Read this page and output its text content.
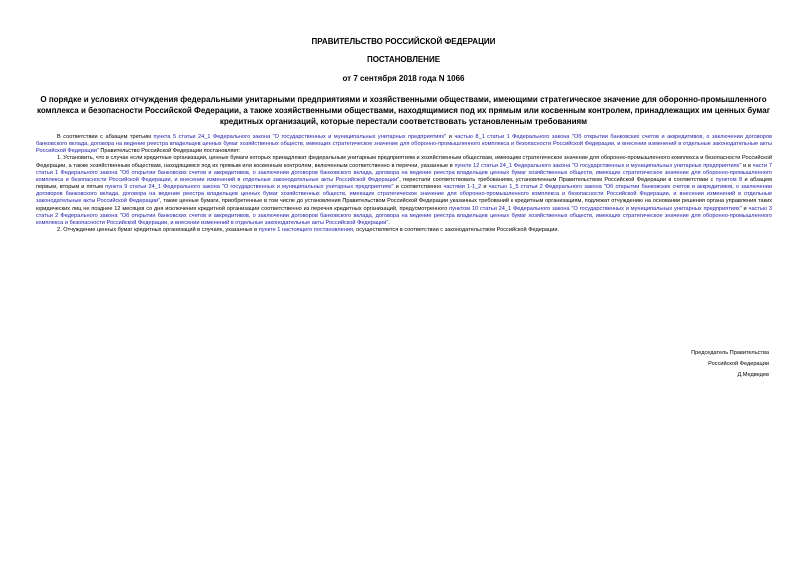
ПРАВИТЕЛЬСТВО РОССИЙСКОЙ ФЕДЕРАЦИИ
ПОСТАНОВЛЕНИЕ
от 7 сентября 2018 года N 1066
О порядке и условиях отчуждения федеральными унитарными предприятиями и хозяйственными обществами, имеющими стратегическое значение для оборонно-промышленного комплекса и безопасности Российской Федерации, а также хозяйственными обществами, находящимися под их прямым или косвенным контролем, принадлежащих им ценных бумаг кредитных организаций, которые перестали соответствовать установленным требованиям

В соответствии с абзацем третьим пункта 5 статьи 24_1 Федерального закона "О государственных и муниципальных унитарных предприятиях" и частью 8_1 статьи 1 Федерального закона "Об открытии банковских счетов и аккредитивов, о заключении договоров банковского вклада, договора на ведение реестра владельцев ценных бумаг хозяйственных обществ, имеющих стратегическое значение для оборонно-промышленного комплекса и безопасности Российской Федерации, и внесении изменений в отдельные законодательные акты Российской Федерации" Правительство Российской Федерации постановляет:

1. Установить, что в случае если кредитные организации, ценные бумаги которых принадлежат федеральным унитарным предприятиям и хозяйственным обществам, имеющим стратегическое значение для оборонно-промышленного комплекса и безопасности Российской Федерации, а также хозяйственным обществам, находящимся под их прямым или косвенным контролем, включенным соответственно в перечни, указанные в пункте 12 статьи 24_1 Федерального закона "О государственных и муниципальных унитарных предприятиях" и в части 7 статьи 1 Федерального закона "Об открытии банковских счетов и аккредитивов, о заключении договоров банковского вклада, договора на ведение реестра владельцев ценных бумаг хозяйственных обществ, имеющих стратегическое значение для оборонно-промышленного комплекса и безопасности Российской Федерации, и внесении изменений в отдельные законодательные акты Российской Федерации", перестали соответствовать требованиям, установленным Правительством Российской Федерации в соответствии с пунктом 8 и абзацем первым, вторым и пятым пункта 9 статьи 24_1 Федерального закона "О государственных и муниципальных унитарных предприятиях" и соответственно частями 1-1_2 и частью 1_5 статьи 2 Федерального закона "Об открытии банковских счетов и аккредитивов, о заключении договоров банковского вклада, договора на ведение реестра владельцев ценных бумаг хозяйственных обществ, имеющих стратегическое значение для оборонно-промышленного комплекса и безопасности Российской Федерации, и внесении изменений в отдельные законодательные акты Российской Федерации", такие ценные бумаги, приобретенные в том числе до установления Правительством Российской Федерации указанных требований к кредитным организациям, подлежат отчуждению на основании решения органа управления таких юридических лиц не позднее 12 месяцев со дня исключения кредитной организации соответственно из перечня кредитных организаций, предусмотренного пунктом 10 статьи 24_1 Федерального закона "О государственных и муниципальных унитарных предприятиях" и частью 3 статьи 2 Федерального закона "Об открытии банковских счетов и аккредитивов, о заключении договоров банковского вклада, договора на ведение реестра владельцев ценных бумаг хозяйственных обществ, имеющих стратегическое значение для оборонно-промышленного комплекса и безопасности Российской Федерации, и внесении изменений в отдельные законодательные акты Российской Федерации".

2. Отчуждение ценных бумаг кредитных организаций в случаях, указанных в пункте 1 настоящего постановления, осуществляется в соответствии с законодательством Российской Федерации.

Председатель Правительства
Российской Федерации
Д.Медведев
